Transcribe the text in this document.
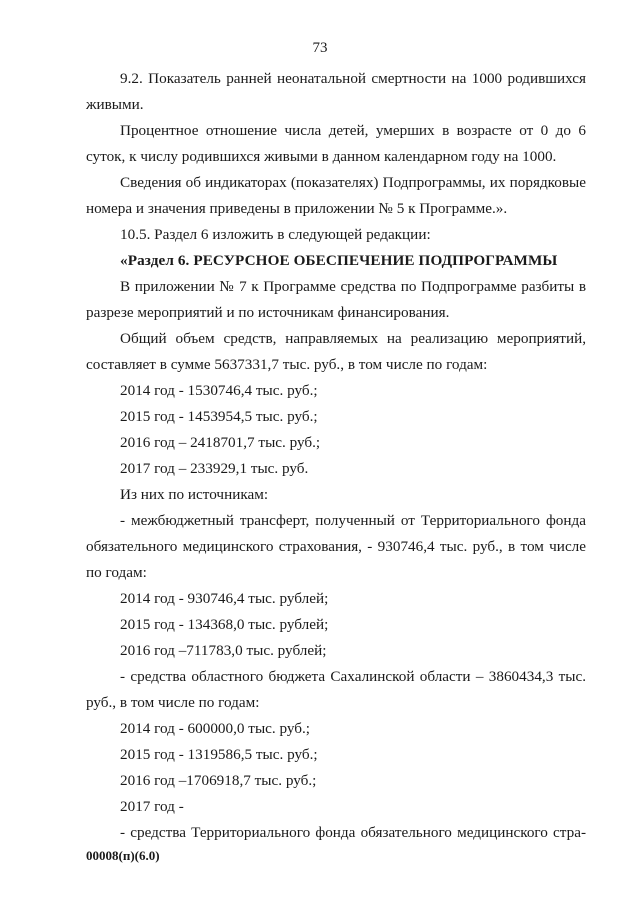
73

9.2. Показатель ранней неонатальной смертности на 1000 родившихся живыми.

Процентное отношение числа детей, умерших в возрасте от 0 до 6 суток, к числу родившихся живыми в данном календарном году на 1000.

Сведения об индикаторах (показателях) Подпрограммы, их порядковые номера и значения приведены в приложении № 5 к Программе.».

10.5. Раздел 6 изложить в следующей редакции:

«Раздел 6. РЕСУРСНОЕ ОБЕСПЕЧЕНИЕ ПОДПРОГРАММЫ

В приложении № 7 к Программе средства по Подпрограмме разбиты в разрезе мероприятий и по источникам финансирования.

Общий объем средств, направляемых на реализацию мероприятий, составляет в сумме 5637331,7 тыс. руб., в том числе по годам:

2014 год - 1530746,4 тыс. руб.;

2015 год - 1453954,5 тыс. руб.;

2016 год – 2418701,7 тыс. руб.;

2017 год – 233929,1 тыс. руб.

Из них по источникам:

- межбюджетный трансферт, полученный от Территориального фонда обязательного медицинского страхования, - 930746,4 тыс. руб., в том числе по годам:

2014 год - 930746,4 тыс. рублей;

2015 год - 134368,0 тыс. рублей;

2016 год –711783,0 тыс. рублей;

- средства областного бюджета Сахалинской области – 3860434,3 тыс. руб., в том числе по годам:

2014 год - 600000,0 тыс. руб.;

2015 год - 1319586,5 тыс. руб.;

2016 год –1706918,7 тыс. руб.;

2017 год -

- средства Территориального фонда обязательного медицинского стра-

00008(п)(6.0)
